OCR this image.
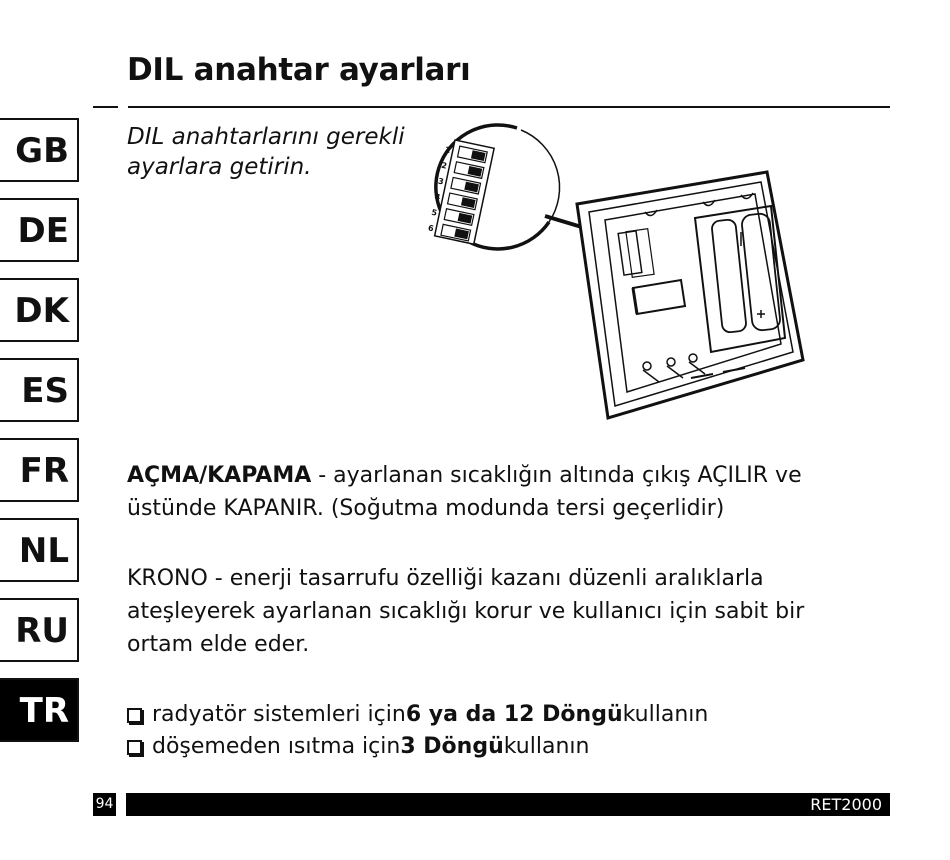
DIL anahtar ayarları
GB
DE
DK
ES
FR
NL
RU
TR
DIL anahtarlarını gerekli
ayarlara getirin.
1
2
3
4
5
6
AÇMA/KAPAMA - ayarlanan sıcaklığın altında çıkış AÇILIR ve
üstünde KAPANIR. (Soğutma modunda tersi geçerlidir)
KRONO - enerji tasarrufu özelliği kazanı düzenli aralıklarla
ateşleyerek ayarlanan sıcaklığı korur ve kullanıcı için sabit bir
ortam elde eder.
radyatör sistemleri için 6 ya da 12 Döngü kullanın
döşemeden ısıtma için 3 Döngü kullanın
94	RET2000
